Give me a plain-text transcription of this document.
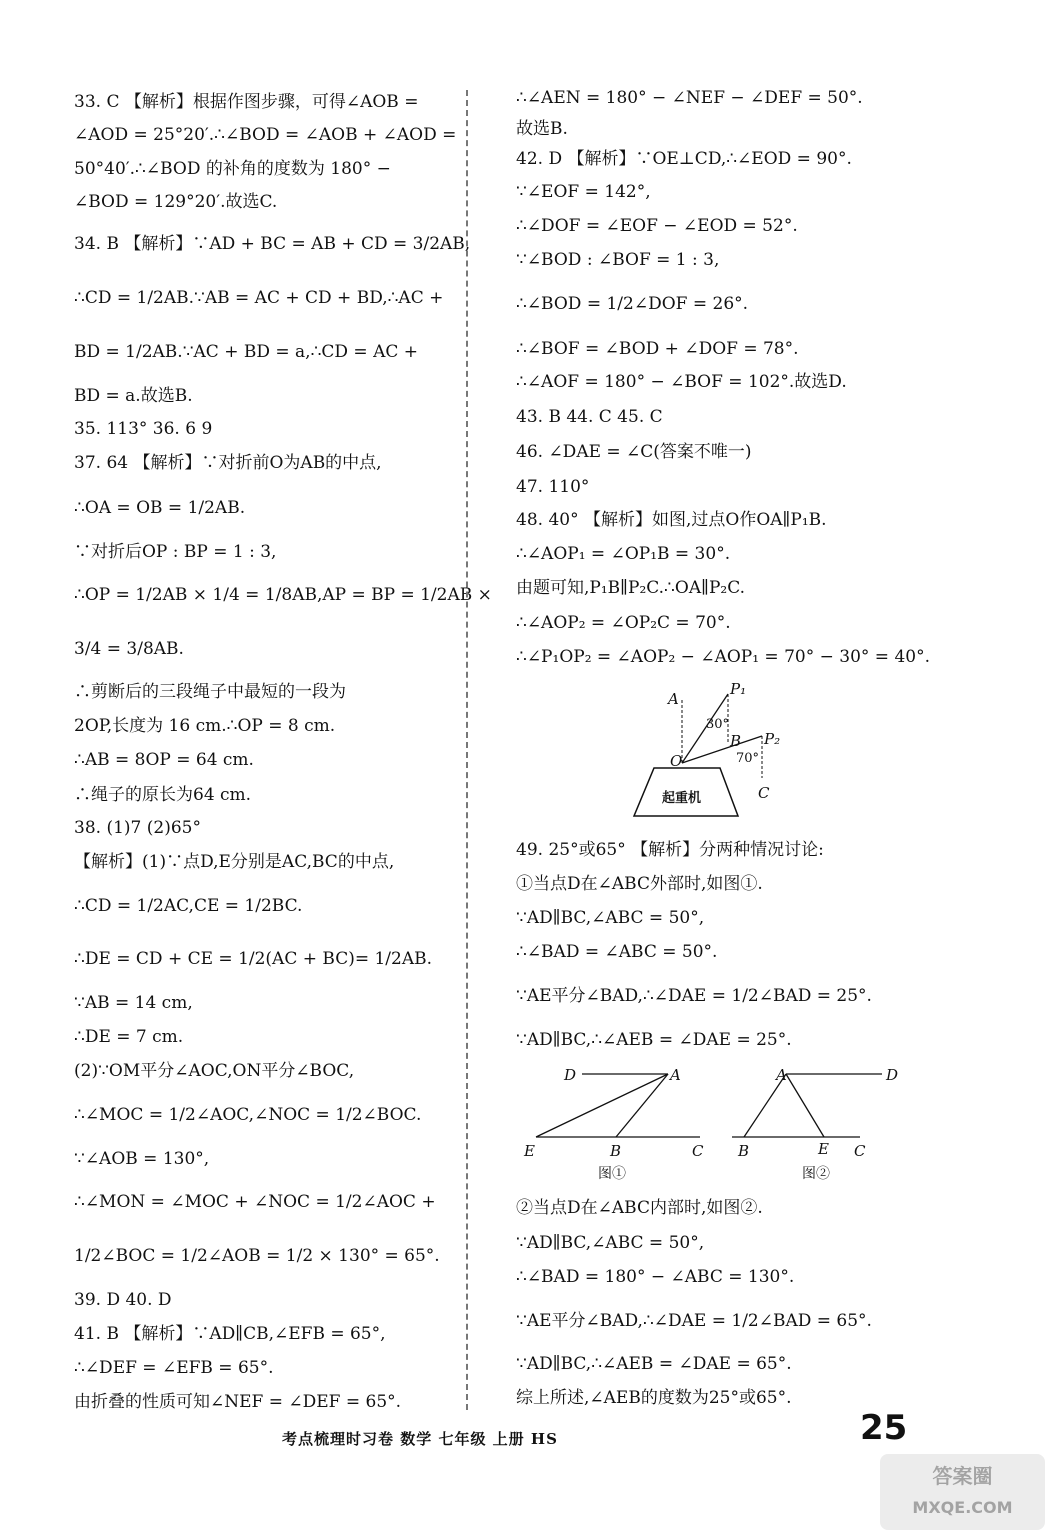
33. C 【解析】根据作图步骤，可得∠AOB =
∠AOD = 25°20′.∴∠BOD = ∠AOB + ∠AOD =
50°40′.∴∠BOD 的补角的度数为 180° −
∠BOD = 129°20′.故选C.
34. B 【解析】∵AD + BC = AB + CD = 3/2AB,
∴CD = 1/2AB.∵AB = AC + CD + BD,∴AC +
BD = 1/2AB.∵AC + BD = a,∴CD = AC +
BD = a.故选B.
35. 113° 36. 6 9
37. 64 【解析】∵对折前O为AB的中点,
∴OA = OB = 1/2AB.
∵对折后OP : BP = 1 : 3,
∴OP = 1/2AB × 1/4 = 1/8AB,AP = BP = 1/2AB ×
3/4 = 3/8AB.
∴剪断后的三段绳子中最短的一段为
2OP,长度为 16 cm.∴OP = 8 cm.
∴AB = 8OP = 64 cm.
∴绳子的原长为64 cm.
38. (1)7 (2)65°
【解析】(1)∵点D,E分别是AC,BC的中点,
∴CD = 1/2AC,CE = 1/2BC.
∴DE = CD + CE = 1/2(AC + BC)= 1/2AB.
∵AB = 14 cm,
∴DE = 7 cm.
(2)∵OM平分∠AOC,ON平分∠BOC,
∴∠MOC = 1/2∠AOC,∠NOC = 1/2∠BOC.
∵∠AOB = 130°,
∴∠MON = ∠MOC + ∠NOC = 1/2∠AOC +
1/2∠BOC = 1/2∠AOB = 1/2 × 130° = 65°.
39. D 40. D
41. B 【解析】∵AD∥CB,∠EFB = 65°,
∴∠DEF = ∠EFB = 65°.
由折叠的性质可知∠NEF = ∠DEF = 65°.
∴∠AEN = 180° − ∠NEF − ∠DEF = 50°.
故选B.
42. D 【解析】∵OE⊥CD,∴∠EOD = 90°.
∵∠EOF = 142°,
∴∠DOF = ∠EOF − ∠EOD = 52°.
∵∠BOD : ∠BOF = 1 : 3,
∴∠BOD = 1/2∠DOF = 26°.
∴∠BOF = ∠BOD + ∠DOF = 78°.
∴∠AOF = 180° − ∠BOF = 102°.故选D.
43. B 44. C 45. C
46. ∠DAE = ∠C(答案不唯一)
47. 110°
48. 40° 【解析】如图,过点O作OA∥P₁B.
∴∠AOP₁ = ∠OP₁B = 30°.
由题可知,P₁B∥P₂C.∴OA∥P₂C.
∴∠AOP₂ = ∠OP₂C = 70°.
∴∠P₁OP₂ = ∠AOP₂ − ∠AOP₁ = 70° − 30° = 40°.
49. 25°或65° 【解析】分两种情况讨论:
①当点D在∠ABC外部时,如图①.
∵AD∥BC,∠ABC = 50°,
∴∠BAD = ∠ABC = 50°.
∵AE平分∠BAD,∴∠DAE = 1/2∠BAD = 25°.
∵AD∥BC,∴∠AEB = ∠DAE = 25°.
②当点D在∠ABC内部时,如图②.
∵AD∥BC,∠ABC = 50°,
∴∠BAD = 180° − ∠ABC = 130°.
∵AE平分∠BAD,∴∠DAE = 1/2∠BAD = 65°.
∵AD∥BC,∴∠AEB = ∠DAE = 65°.
综上所述,∠AEB的度数为25°或65°.
A
P₁
30°
B P₂
70°
O
C
起重机
D	A
E	B	C
图①
A	D
B	E C
图②
考点梳理时习卷 数学 七年级 上册 HS	25
答案圈
MXQE.COM
